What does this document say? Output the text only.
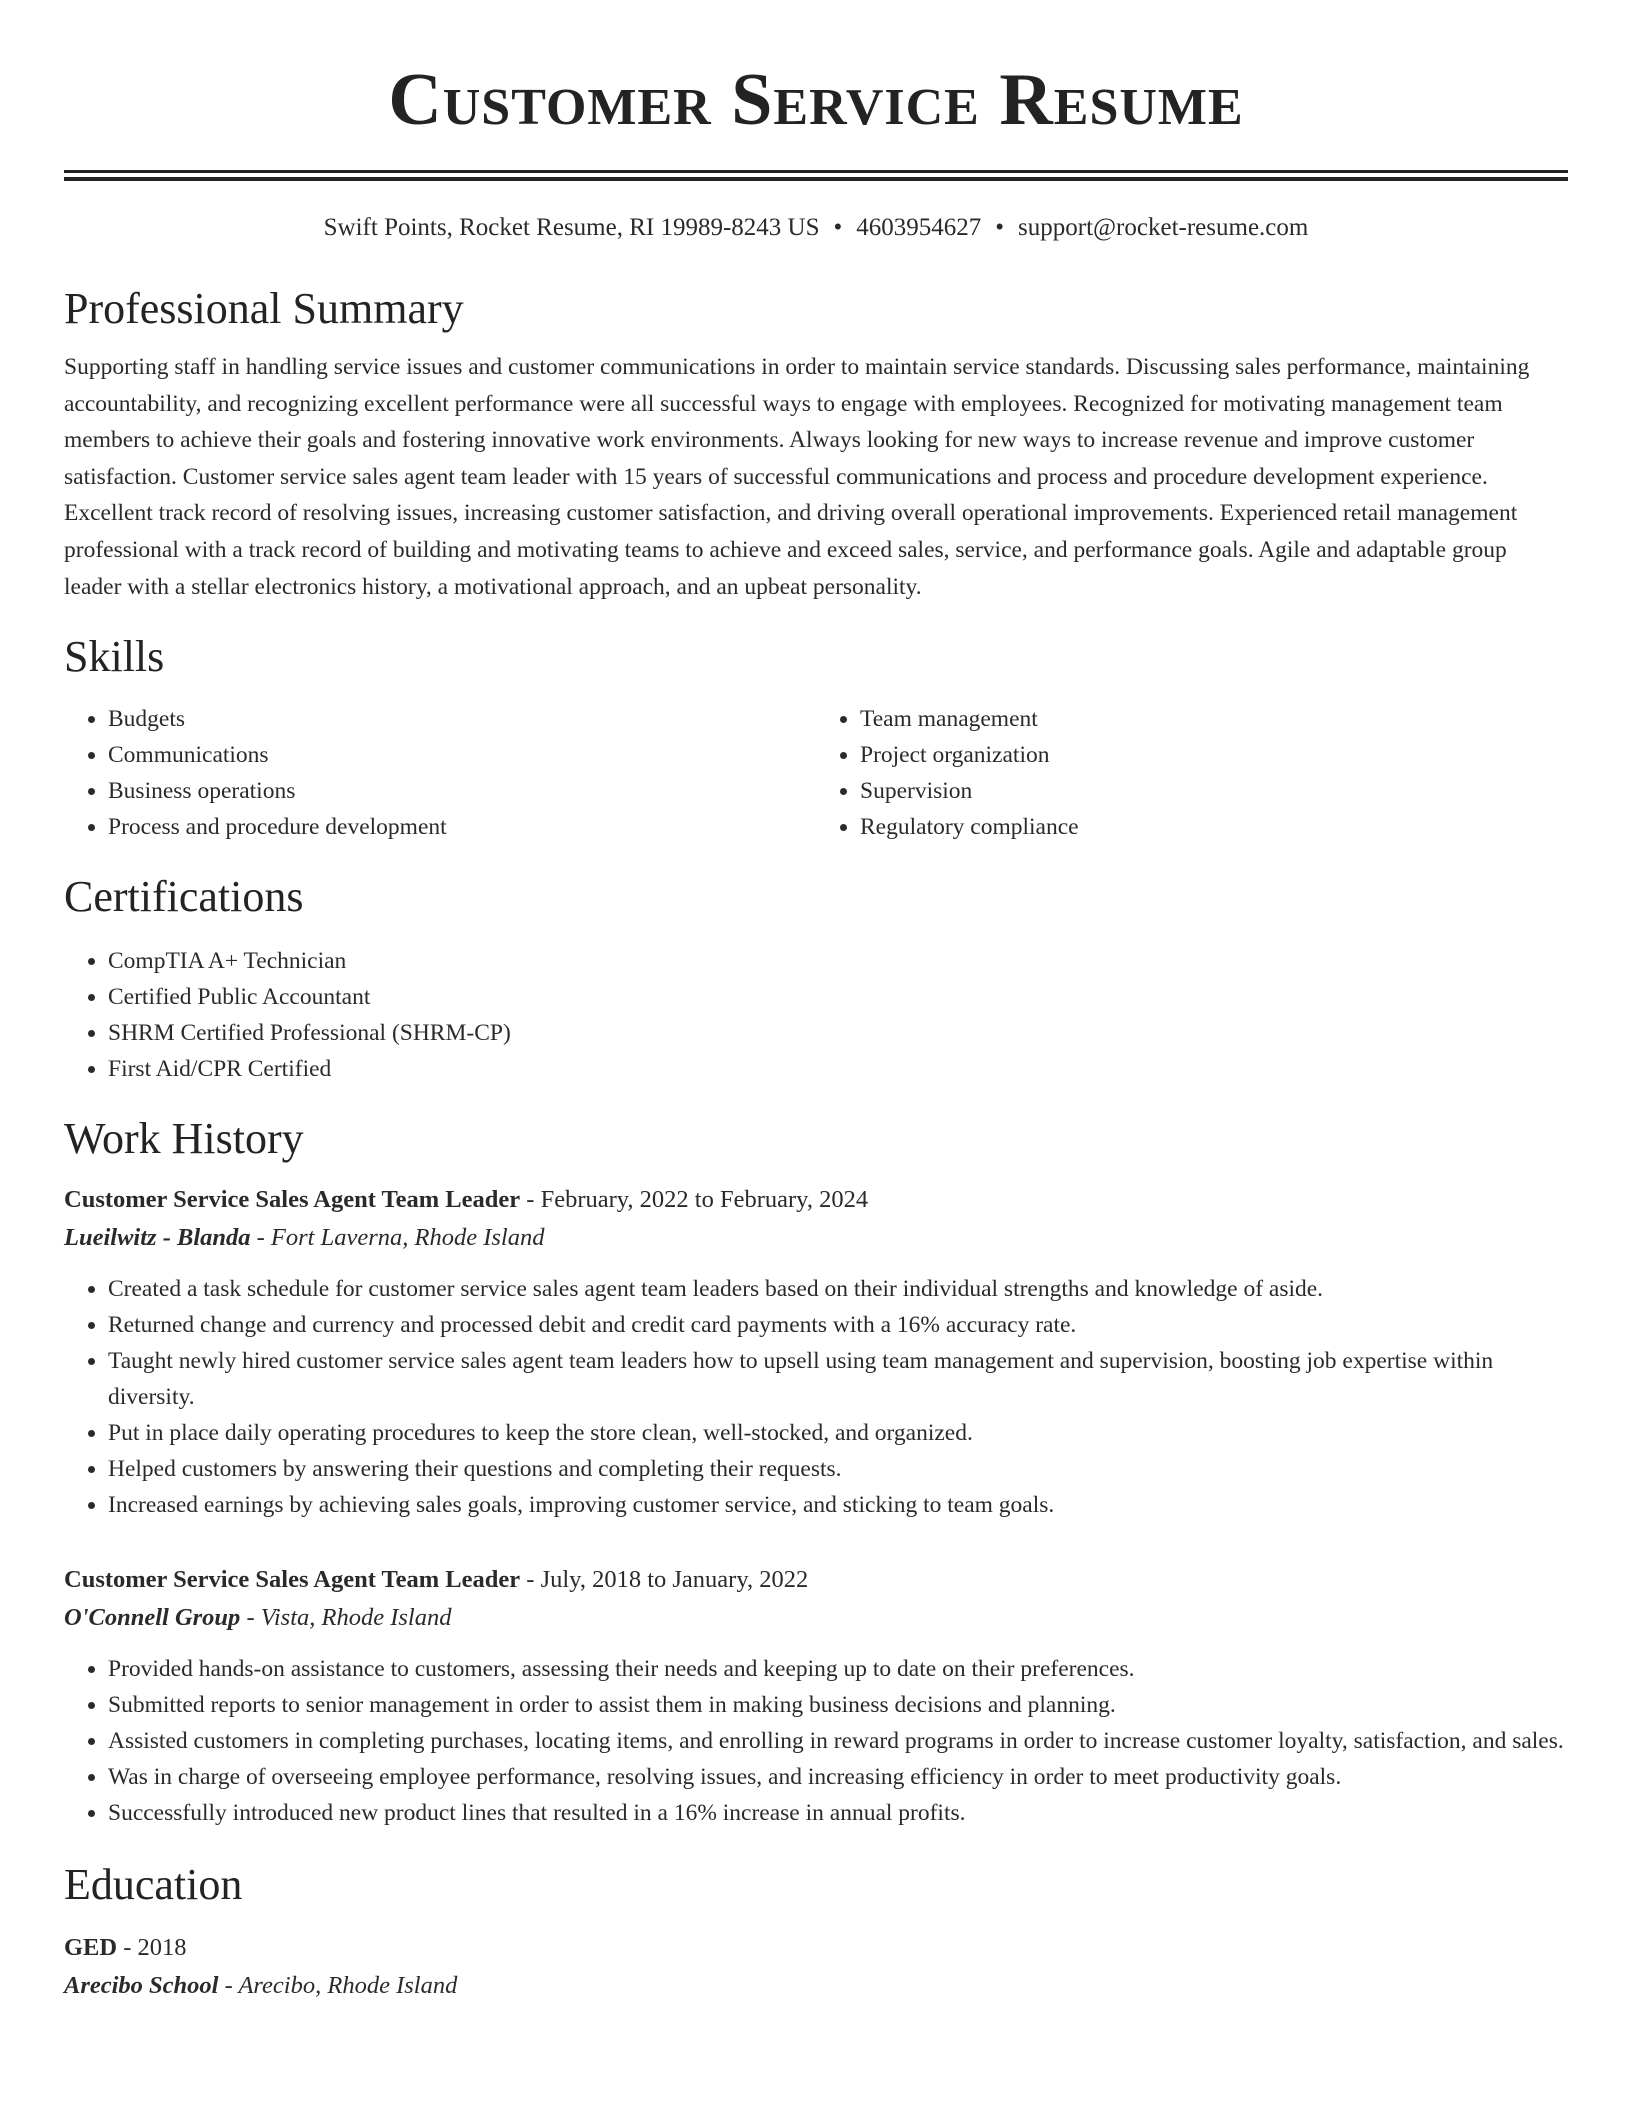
Customer Service Resume
Swift Points, Rocket Resume, RI 19989-8243 US • 4603954627 • support@rocket-resume.com
Professional Summary

Supporting staff in handling service issues and customer communications in order to maintain service standards. Discussing sales performance, maintaining accountability, and recognizing excellent performance were all successful ways to engage with employees. Recognized for motivating management team members to achieve their goals and fostering innovative work environments. Always looking for new ways to increase revenue and improve customer satisfaction. Customer service sales agent team leader with 15 years of successful communications and process and procedure development experience. Excellent track record of resolving issues, increasing customer satisfaction, and driving overall operational improvements. Experienced retail management professional with a track record of building and motivating teams to achieve and exceed sales, service, and performance goals. Agile and adaptable group leader with a stellar electronics history, a motivational approach, and an upbeat personality.

Skills
• Budgets
• Communications
• Business operations
• Process and procedure development
• Team management
• Project organization
• Supervision
• Regulatory compliance
Certifications
• CompTIA A+ Technician
• Certified Public Accountant
• SHRM Certified Professional (SHRM-CP)
• First Aid/CPR Certified
Work History
Customer Service Sales Agent Team Leader - February, 2022 to February, 2024
Lueilwitz - Blanda - Fort Laverna, Rhode Island
• Created a task schedule for customer service sales agent team leaders based on their individual strengths and knowledge of aside.
• Returned change and currency and processed debit and credit card payments with a 16% accuracy rate.
• Taught newly hired customer service sales agent team leaders how to upsell using team management and supervision, boosting job expertise within diversity.
• Put in place daily operating procedures to keep the store clean, well-stocked, and organized.
• Helped customers by answering their questions and completing their requests.
• Increased earnings by achieving sales goals, improving customer service, and sticking to team goals.
Customer Service Sales Agent Team Leader - July, 2018 to January, 2022
O'Connell Group - Vista, Rhode Island
• Provided hands-on assistance to customers, assessing their needs and keeping up to date on their preferences.
• Submitted reports to senior management in order to assist them in making business decisions and planning.
• Assisted customers in completing purchases, locating items, and enrolling in reward programs in order to increase customer loyalty, satisfaction, and sales.
• Was in charge of overseeing employee performance, resolving issues, and increasing efficiency in order to meet productivity goals.
• Successfully introduced new product lines that resulted in a 16% increase in annual profits.
Education
GED - 2018
Arecibo School - Arecibo, Rhode Island
